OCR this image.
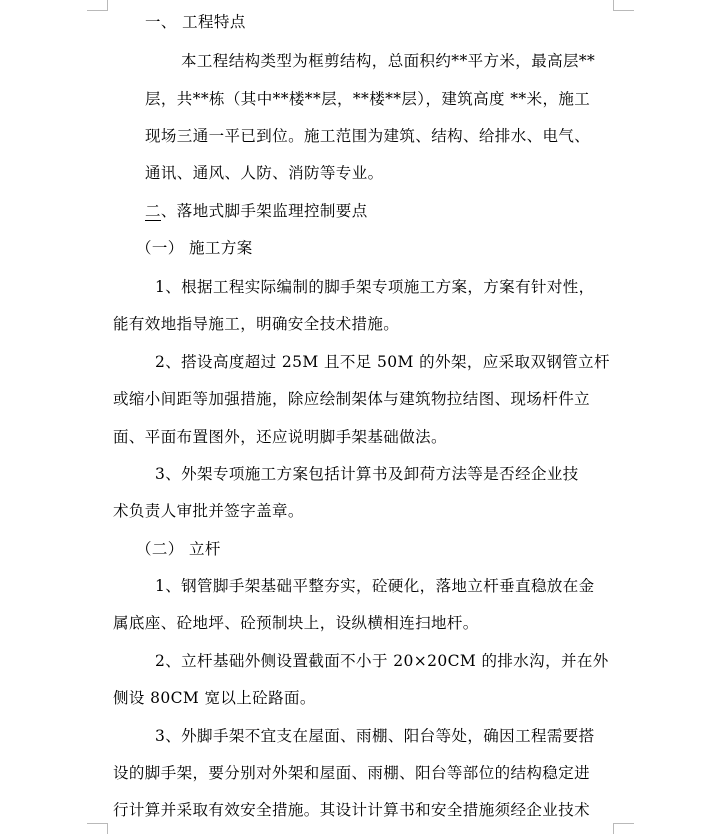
一、 工程特点

本工程结构类型为框剪结构，总面积约**平方米，最高层**

层，共**栋（其中**楼**层，**楼**层），建筑高度 **米，施工

现场三通一平已到位。施工范围为建筑、结构、给排水、电气、

通讯、通风、人防、消防等专业。

二、落地式脚手架监理控制要点

（一） 施工方案

1、根据工程实际编制的脚手架专项施工方案，方案有针对性，

能有效地指导施工，明确安全技术措施。

2、搭设高度超过 25M 且不足 50M 的外架，应采取双钢管立杆

或缩小间距等加强措施，除应绘制架体与建筑物拉结图、现场杆件立

面、平面布置图外，还应说明脚手架基础做法。

3、外架专项施工方案包括计算书及卸荷方法等是否经企业技

术负责人审批并签字盖章。

（二） 立杆

1、钢管脚手架基础平整夯实，砼硬化，落地立杆垂直稳放在金

属底座、砼地坪、砼预制块上，设纵横相连扫地杆。

2、立杆基础外侧设置截面不小于 20×20CM 的排水沟，并在外

侧设 80CM 宽以上砼路面。

3、外脚手架不宜支在屋面、雨棚、阳台等处，确因工程需要搭

设的脚手架，要分别对外架和屋面、雨棚、阳台等部位的结构稳定进

行计算并采取有效安全措施。其设计计算书和安全措施须经企业技术
